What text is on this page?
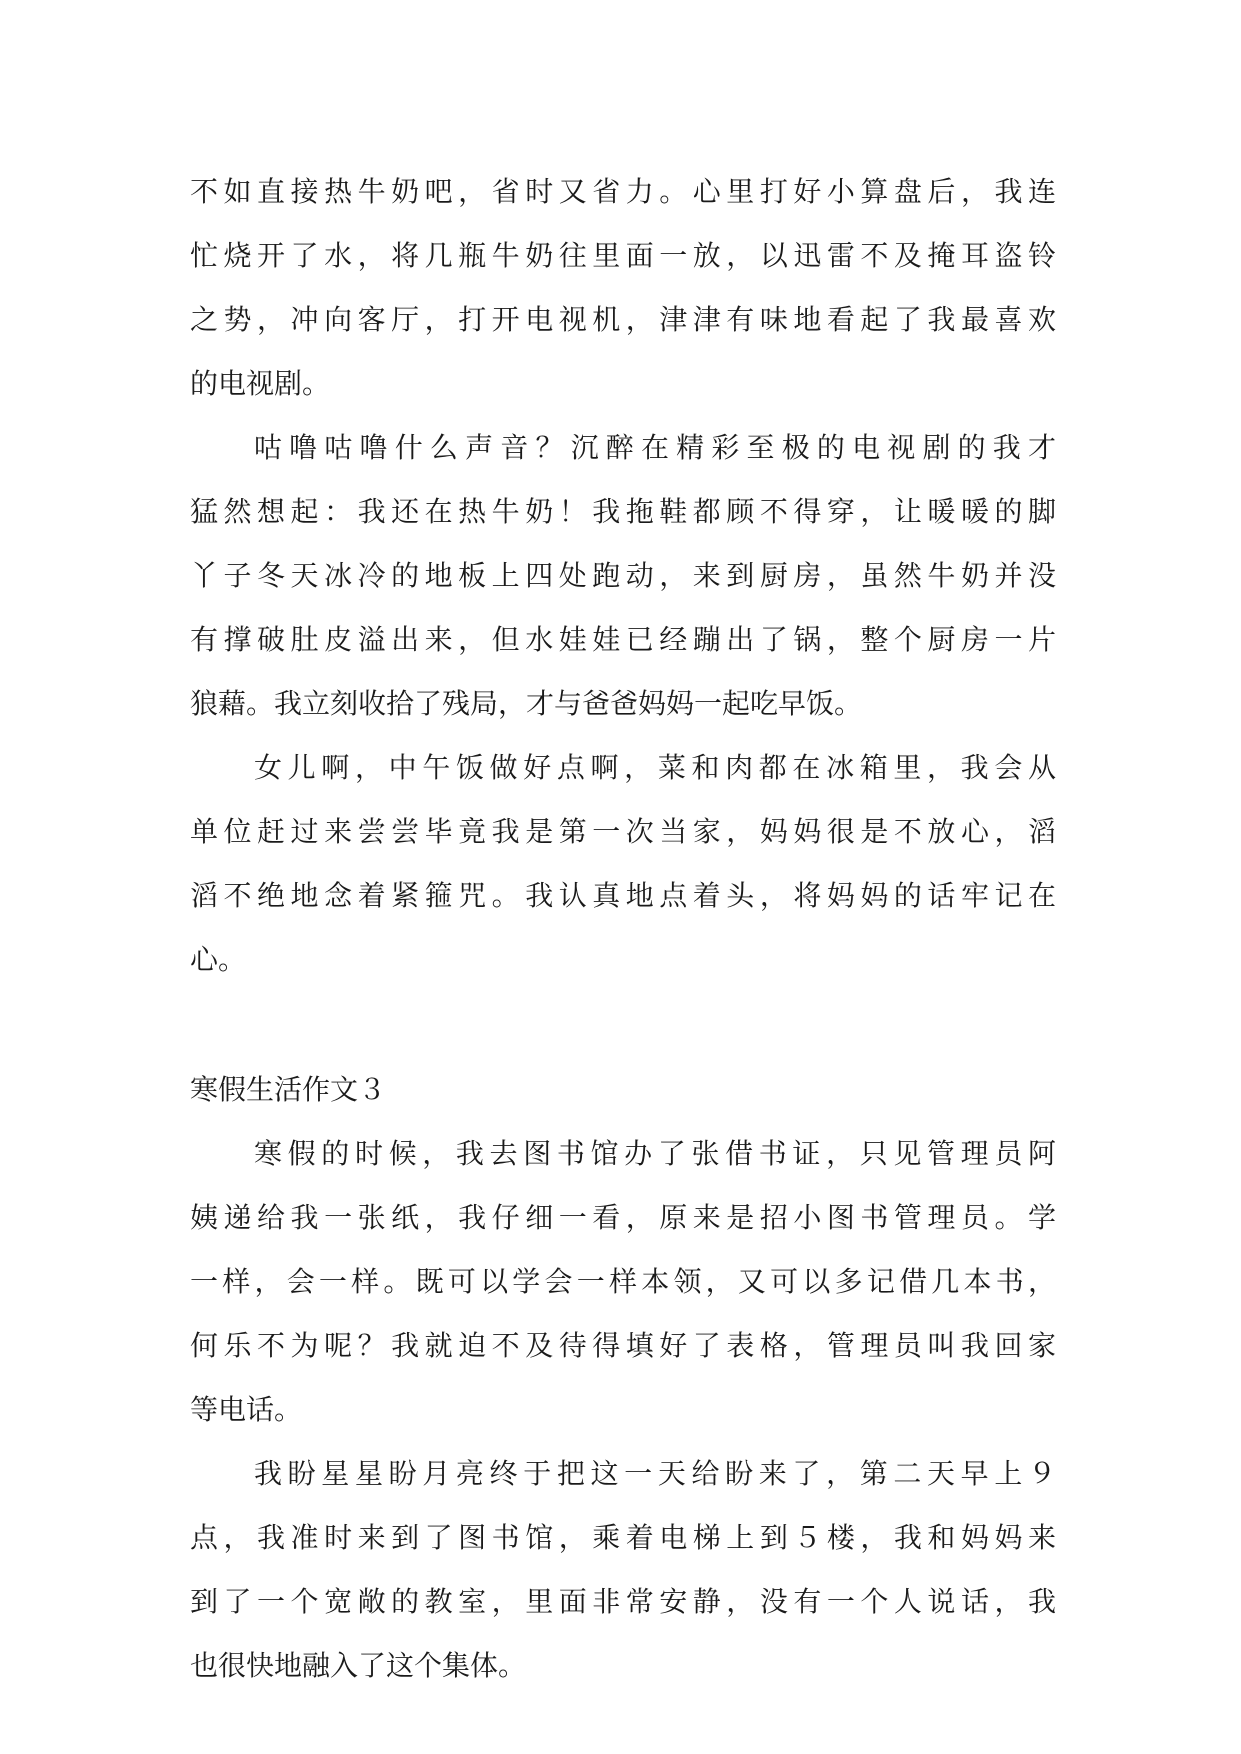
不如直接热牛奶吧，省时又省力。心里打好小算盘后，我连
忙烧开了水，将几瓶牛奶往里面一放，以迅雷不及掩耳盗铃
之势，冲向客厅，打开电视机，津津有味地看起了我最喜欢
的电视剧。
咕噜咕噜什么声音？沉醉在精彩至极的电视剧的我才
猛然想起：我还在热牛奶！我拖鞋都顾不得穿，让暖暖的脚
丫子冬天冰冷的地板上四处跑动，来到厨房，虽然牛奶并没
有撑破肚皮溢出来，但水娃娃已经蹦出了锅，整个厨房一片
狼藉。我立刻收拾了残局，才与爸爸妈妈一起吃早饭。
女儿啊，中午饭做好点啊，菜和肉都在冰箱里，我会从
单位赶过来尝尝毕竟我是第一次当家，妈妈很是不放心，滔
滔不绝地念着紧箍咒。我认真地点着头，将妈妈的话牢记在
心。
寒假生活作文３
寒假的时候，我去图书馆办了张借书证，只见管理员阿
姨递给我一张纸，我仔细一看，原来是招小图书管理员。学
一样，会一样。既可以学会一样本领，又可以多记借几本书，
何乐不为呢？我就迫不及待得填好了表格，管理员叫我回家
等电话。
我盼星星盼月亮终于把这一天给盼来了，第二天早上９
点，我准时来到了图书馆，乘着电梯上到５楼，我和妈妈来
到了一个宽敞的教室，里面非常安静，没有一个人说话，我
也很快地融入了这个集体。
